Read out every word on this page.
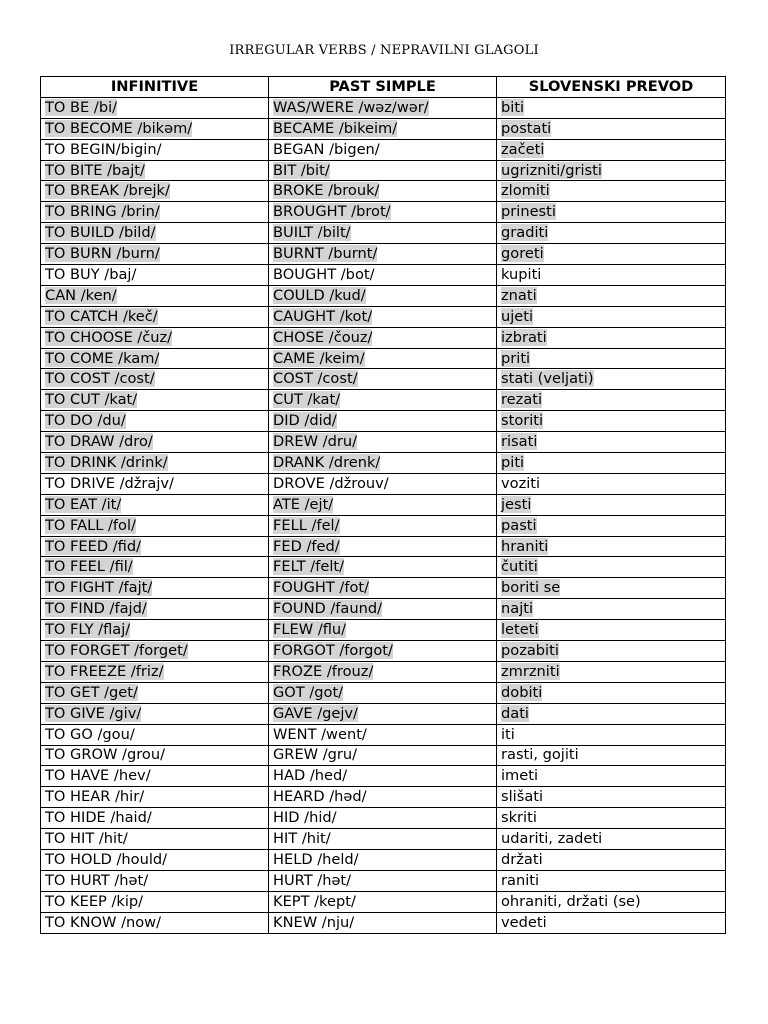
IRREGULAR VERBS / NEPRAVILNI GLAGOLI
INFINITIVE	PAST SIMPLE	SLOVENSKI PREVOD
TO BE /bi/	WAS/WERE /wəz/wər/	biti
TO BECOME /bikəm/	BECAME /bikeim/	postati
TO BEGIN/bigin/	BEGAN /bigen/	začeti
TO BITE /bajt/	BIT /bit/	ugrizniti/gristi
TO BREAK /brejk/	BROKE /brouk/	zlomiti
TO BRING /brin/	BROUGHT /brot/	prinesti
TO BUILD /bild/	BUILT /bilt/	graditi
TO BURN /burn/	BURNT /burnt/	goreti
TO BUY /baj/	BOUGHT /bot/	kupiti
CAN /ken/	COULD /kud/	znati
TO CATCH /keč/	CAUGHT /kot/	ujeti
TO CHOOSE /čuz/	CHOSE /čouz/	izbrati
TO COME /kam/	CAME /keim/	priti
TO COST /cost/	COST /cost/	stati (veljati)
TO CUT /kat/	CUT /kat/	rezati
TO DO /du/	DID /did/	storiti
TO DRAW /dro/	DREW /dru/	risati
TO DRINK /drink/	DRANK /drenk/	piti
TO DRIVE /džrajv/	DROVE /džrouv/	voziti
TO EAT /it/	ATE /ejt/	jesti
TO FALL /fol/	FELL /fel/	pasti
TO FEED /fid/	FED /fed/	hraniti
TO FEEL /fil/	FELT /felt/	čutiti
TO FIGHT /fajt/	FOUGHT /fot/	boriti se
TO FIND /fajd/	FOUND /faund/	najti
TO FLY /flaj/	FLEW /flu/	leteti
TO FORGET /forget/	FORGOT /forgot/	pozabiti
TO FREEZE /friz/	FROZE /frouz/	zmrzniti
TO GET /get/	GOT /got/	dobiti
TO GIVE /giv/	GAVE /gejv/	dati
TO GO /gou/	WENT /went/	iti
TO GROW /grou/	GREW /gru/	rasti, gojiti
TO HAVE /hev/	HAD /hed/	imeti
TO HEAR /hir/	HEARD /həd/	slišati
TO HIDE /haid/	HID /hid/	skriti
TO HIT /hit/	HIT /hit/	udariti, zadeti
TO HOLD /hould/	HELD /held/	držati
TO HURT /hət/	HURT /hət/	raniti
TO KEEP /kip/	KEPT /kept/	ohraniti, držati (se)
TO KNOW /now/	KNEW /nju/	vedeti
